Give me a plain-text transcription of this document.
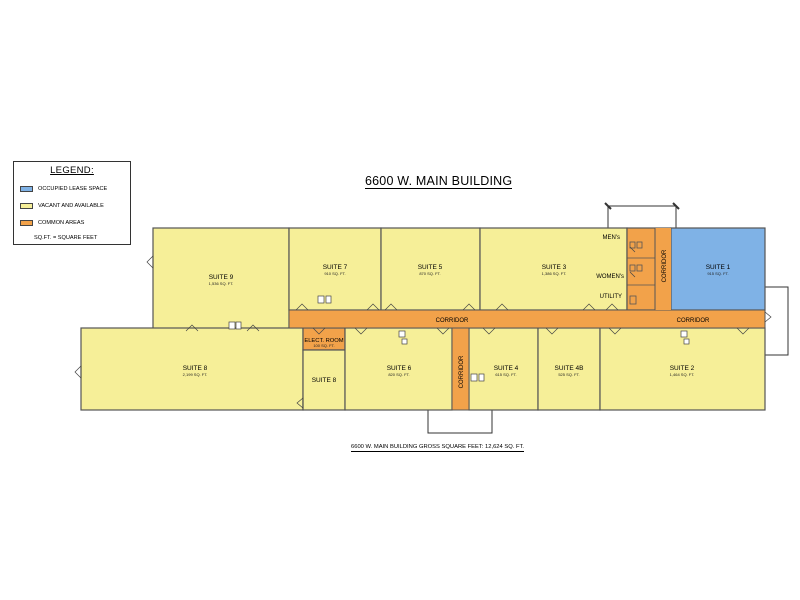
LEGEND:
OCCUPIED LEASE SPACE
VACANT AND AVAILABLE
COMMON AREAS
SQ.FT. = SQUARE FEET
6600 W. MAIN BUILDING
6600 W. MAIN BUILDING GROSS SQUARE FEET: 12,624 SQ. FT.
SUITE 9
1,536 SQ. FT.
SUITE 7
910 SQ. FT.
SUITE 5
870 SQ. FT.
SUITE 3
1,386 SQ. FT.
SUITE 1
915 SQ. FT.
SUITE 8
2,199 SQ. FT.
ELECT. ROOM
100 SQ. FT.
SUITE 8
SUITE 6
820 SQ. FT.
SUITE 4
615 SQ. FT.
SUITE 4B
525 SQ. FT.
SUITE 2
1,464 SQ. FT.
CORRIDOR	CORRIDOR
CORRIDOR
CORRIDOR
MEN's
WOMEN's
UTILITY
